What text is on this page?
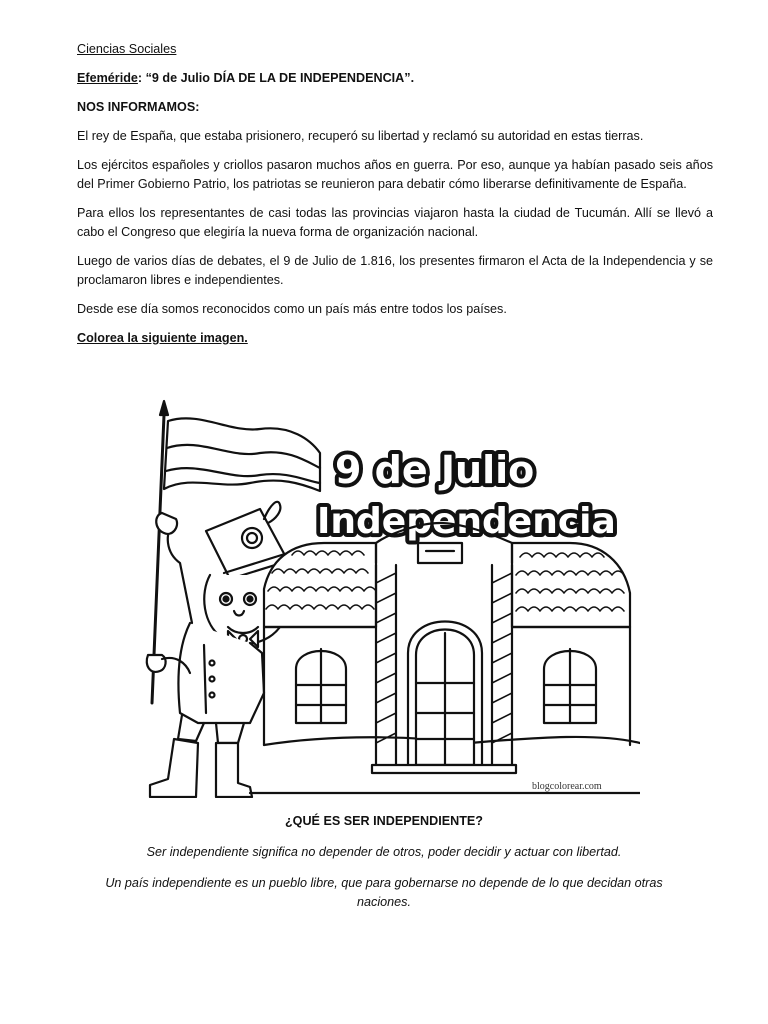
Ciencias Sociales

Efeméride: “9 de Julio DÍA DE LA DE INDEPENDENCIA”.

NOS INFORMAMOS:

El rey de España, que estaba prisionero, recuperó su libertad y reclamó su autoridad en estas tierras.

Los ejércitos españoles y criollos pasaron muchos años en guerra. Por eso, aunque ya habían pasado seis años del Primer Gobierno Patrio, los patriotas se reunieron para debatir cómo liberarse definitivamente de España.

Para ellos los representantes de casi todas las provincias viajaron hasta la ciudad de Tucumán. Allí se llevó a cabo el Congreso que elegiría la nueva forma de organización nacional.

Luego de varios días de debates, el 9 de Julio de 1.816, los presentes firmaron el Acta de la Independencia y se proclamaron libres e independientes.

Desde ese día somos reconocidos como un país más entre todos los países.

Colorea la siguiente imagen.

9 de Julio
Independencia
blogcolorear.com
¿QUÉ ES SER INDEPENDIENTE?
Ser independiente significa no depender de otros, poder decidir y actuar con libertad.
Un país independiente es un pueblo libre, que para gobernarse no depende de lo que decidan otras naciones.
